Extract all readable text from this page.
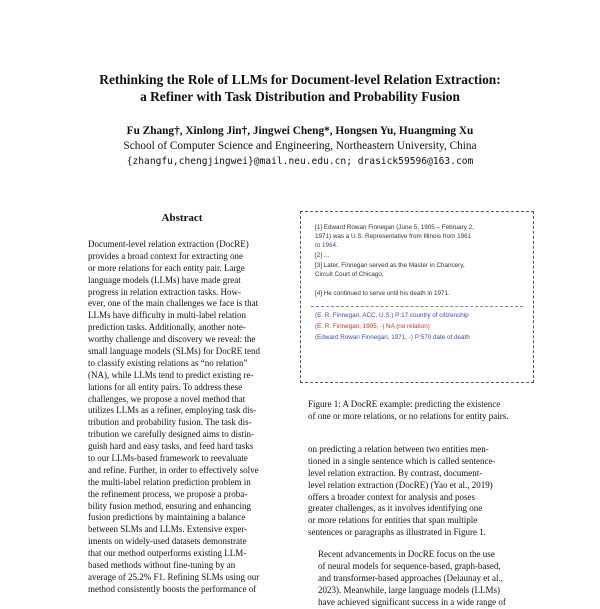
Rethinking the Role of LLMs for Document-level Relation Extraction:
a Refiner with Task Distribution and Probability Fusion
Fu Zhang†, Xinlong Jin†, Jingwei Cheng*, Hongsen Yu, Huangming Xu
School of Computer Science and Engineering, Northeastern University, China
{zhangfu,chengjingwei}@mail.neu.edu.cn; drasick59596@163.com
Abstract
Document-level relation extraction (DocRE)
provides a broad context for extracting one
or more relations for each entity pair. Large
language models (LLMs) have made great
progress in relation extraction tasks. How-
ever, one of the main challenges we face is that
LLMs have difficulty in multi-label relation
prediction tasks. Additionally, another note-
worthy challenge and discovery we reveal: the
small language models (SLMs) for DocRE tend
to classify existing relations as “no relation”
(NA), while LLMs tend to predict existing re-
lations for all entity pairs. To address these
challenges, we propose a novel method that
utilizes LLMs as a refiner, employing task dis-
tribution and probability fusion. The task dis-
tribution we carefully designed aims to distin-
guish hard and easy tasks, and feed hard tasks
to our LLMs-based framework to reevaluate
and refine. Further, in order to effectively solve
the multi-label relation prediction problem in
the refinement process, we propose a proba-
bility fusion method, ensuring and enhancing
fusion predictions by maintaining a balance
between SLMs and LLMs. Extensive exper-
iments on widely-used datasets demonstrate
that our method outperforms existing LLM-
based methods without fine-tuning by an
average of 25.2% F1. Refining SLMs using our
method consistently boosts the performance of
[1] Edward Rowan Finnegan (June 5, 1905 – February 2,
1971) was a U.S. Representative from Illinois from 1961
to 1964.
[2] ...
[3] Later, Finnegan served as the Master in Chancery,
Circuit Court of Chicago.
[4] He continued to serve until his death in 1971.
(E. R. Finnegan, ACC, U.S.) P:17 country of citizenship
(E. R. Finnegan, 1905, -) NA (no relation)
(Edward Rowan Finnegan, 1971, -) P:570 date of death
Figure 1: A DocRE example: predicting the existence
of one or more relations, or no relations for entity pairs.
on predicting a relation between two entities men-
tioned in a single sentence which is called sentence-
level relation extraction. By contrast, document-
level relation extraction (DocRE) (Yao et al., 2019)
offers a broader context for analysis and poses
greater challenges, as it involves identifying one
or more relations for entities that span multiple
sentences or paragraphs as illustrated in Figure 1.
Recent advancements in DocRE focus on the use
of neural models for sequence-based, graph-based,
and transformer-based approaches (Delaunay et al.,
2023). Meanwhile, large language models (LLMs)
have achieved significant success in a wide range of
